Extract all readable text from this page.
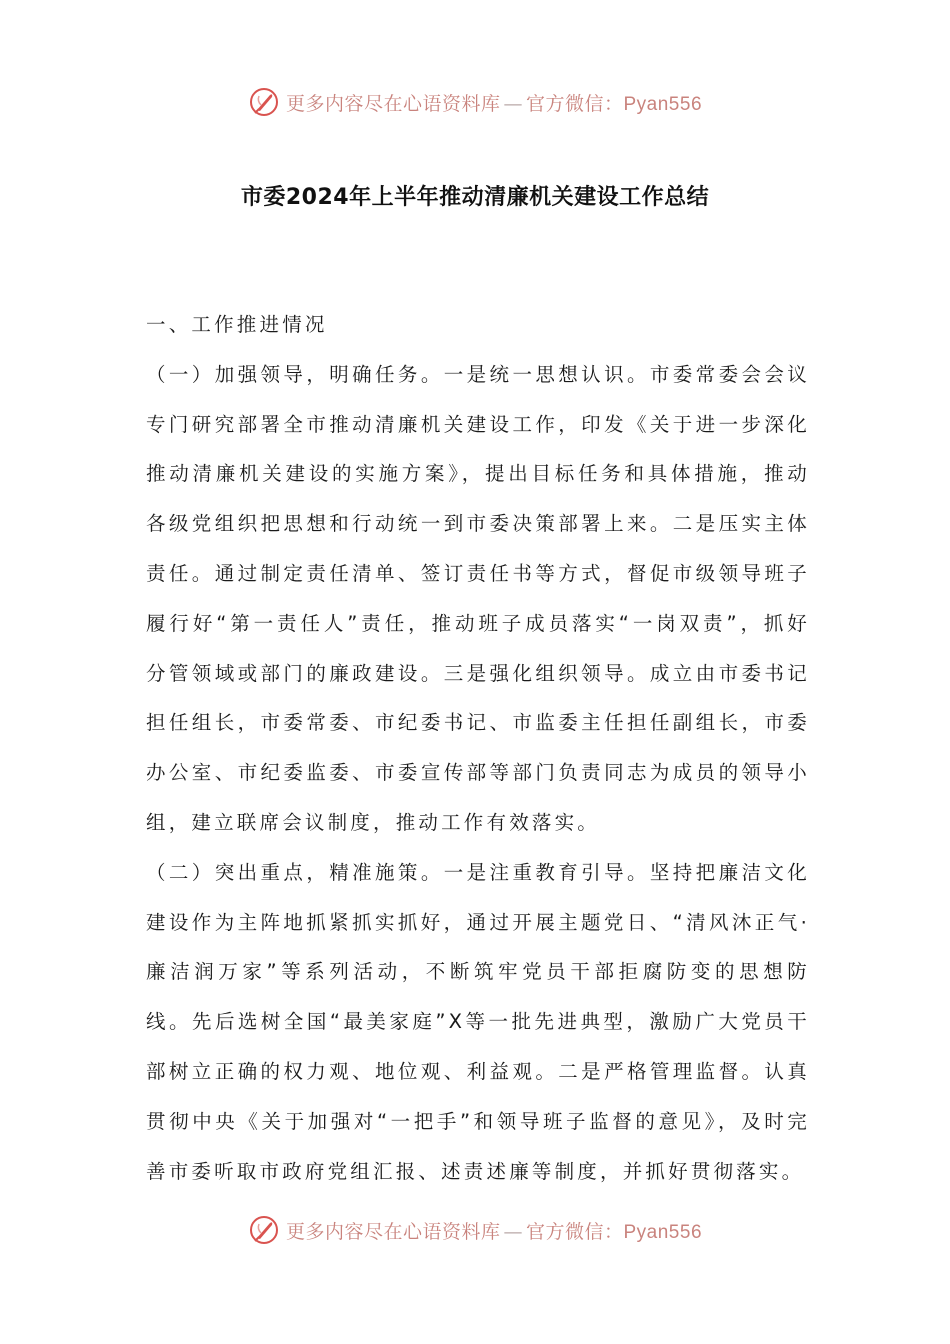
更多内容尽在心语资料库 — 官方微信：Pyan556
市委2024年上半年推动清廉机关建设工作总结

一、工作推进情况

（一）加强领导，明确任务。一是统一思想认识。市委常委会会议专门研究部署全市推动清廉机关建设工作，印发《关于进一步深化推动清廉机关建设的实施方案》，提出目标任务和具体措施，推动各级党组织把思想和行动统一到市委决策部署上来。二是压实主体责任。通过制定责任清单、签订责任书等方式，督促市级领导班子履行好“第一责任人”责任，推动班子成员落实“一岗双责”，抓好分管领域或部门的廉政建设。三是强化组织领导。成立由市委书记担任组长，市委常委、市纪委书记、市监委主任担任副组长，市委办公室、市纪委监委、市委宣传部等部门负责同志为成员的领导小组，建立联席会议制度，推动工作有效落实。

（二）突出重点，精准施策。一是注重教育引导。坚持把廉洁文化建设作为主阵地抓紧抓实抓好，通过开展主题党日、“清风沐正气·廉洁润万家”等系列活动，不断筑牢党员干部拒腐防变的思想防线。先后选树全国“最美家庭”X等一批先进典型，激励广大党员干部树立正确的权力观、地位观、利益观。二是严格管理监督。认真贯彻中央《关于加强对“一把手”和领导班子监督的意见》，及时完善市委听取市政府党组汇报、述责述廉等制度，并抓好贯彻落实。

更多内容尽在心语资料库 — 官方微信：Pyan556
